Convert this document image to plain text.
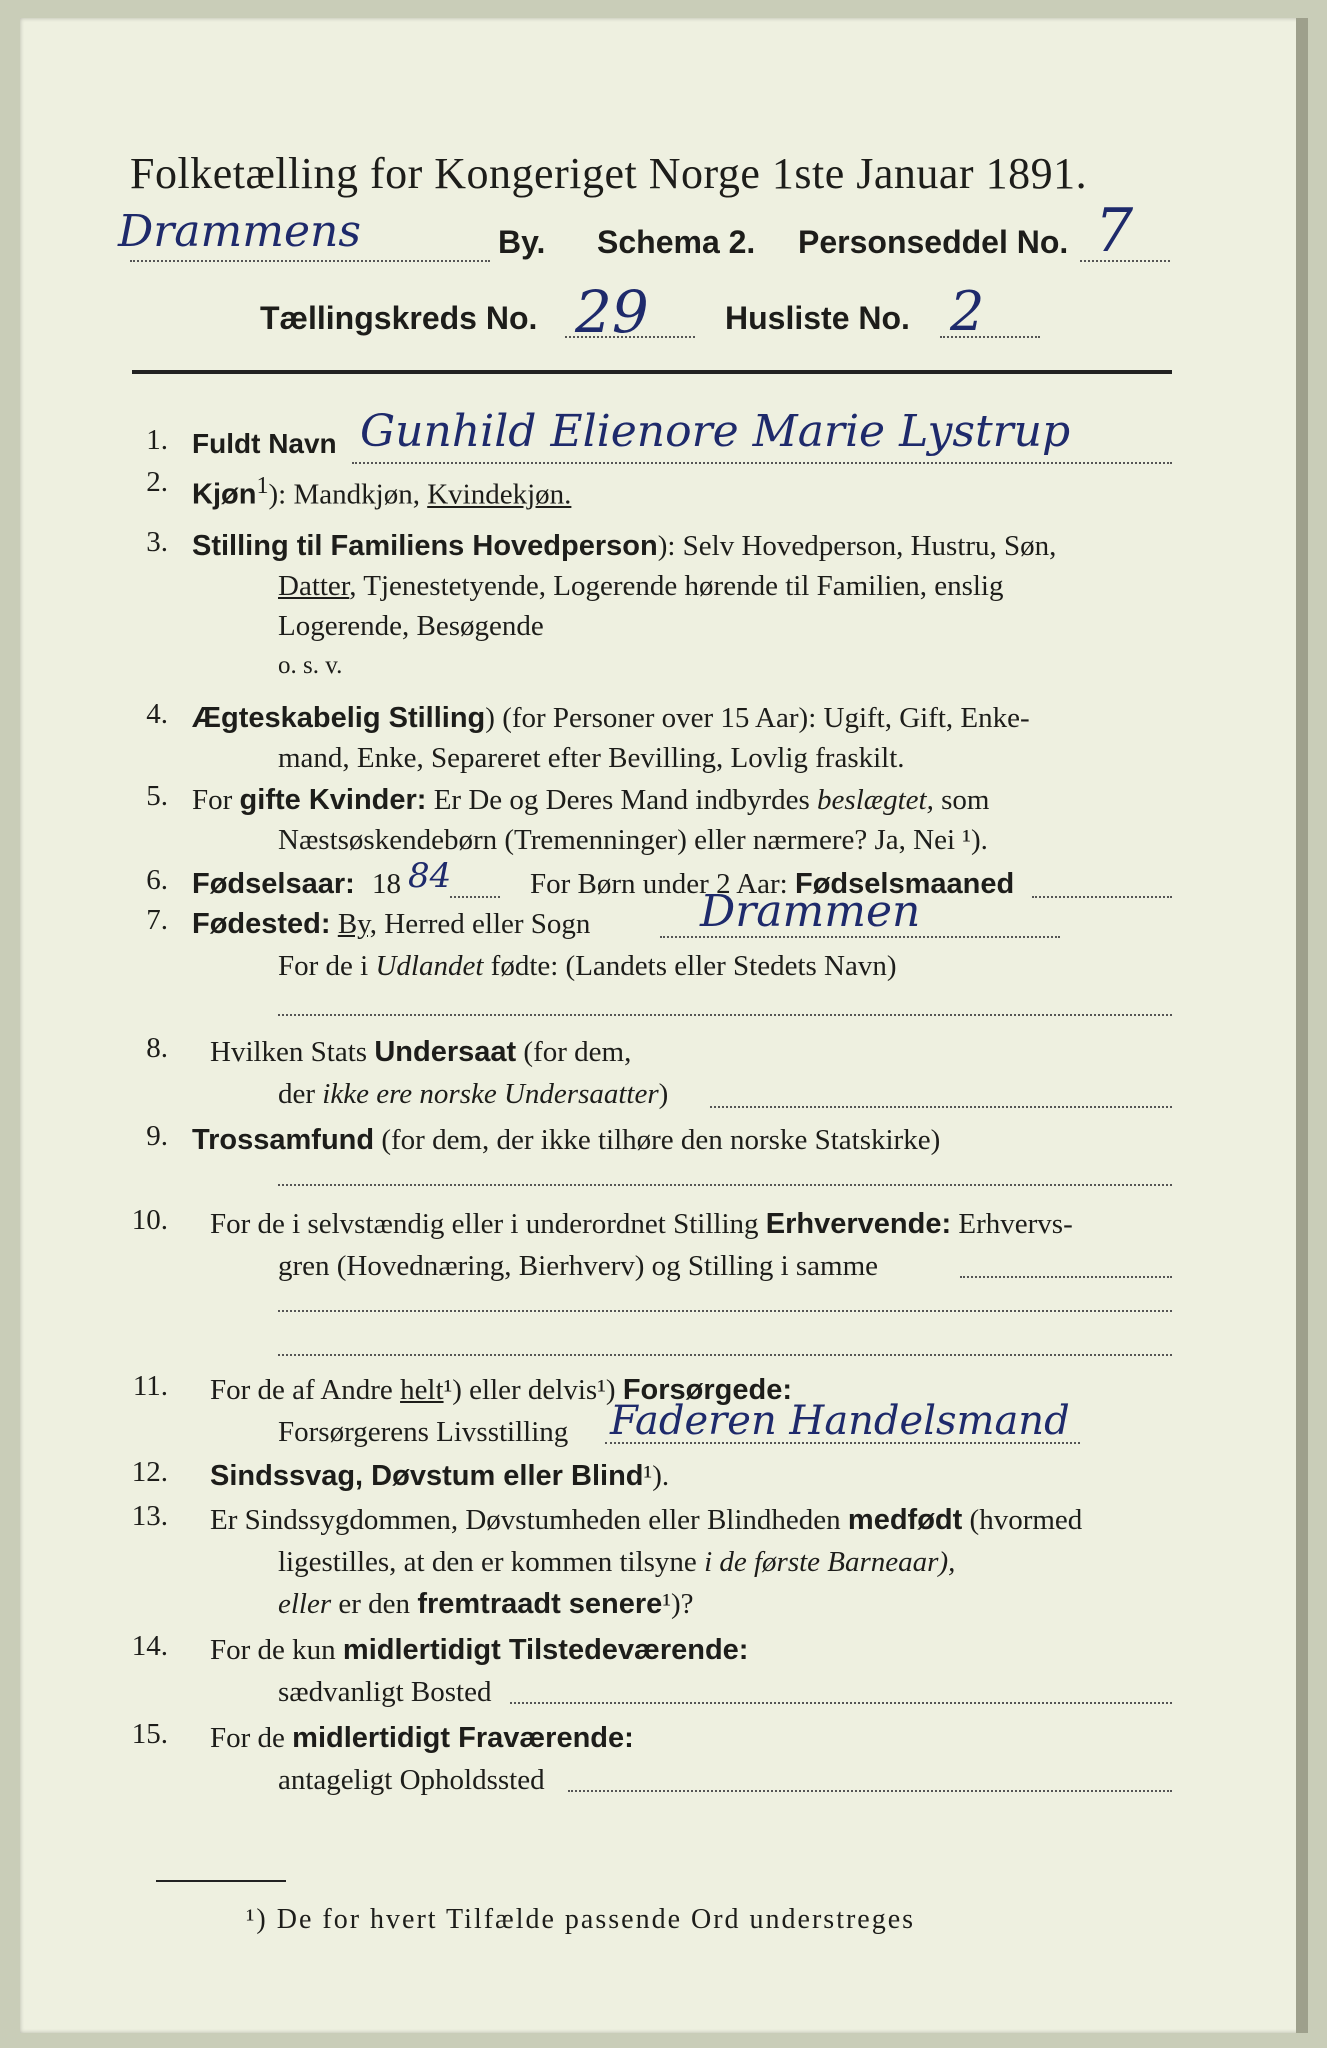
Folketælling for Kongeriget Norge 1ste Januar 1891.
Drammens	By. Schema 2. Personseddel No. 7
Tællingskreds No. 29 Husliste No. 2
1. Fuldt Navn Gunhild Elienore Marie Lystrup
2. Kjøn$^1$): Mandkjøn, Kvindekjøn.
3. Stilling til Familiens Hovedperson): Selv Hovedperson, Hustru, Søn,
Datter, Tjenestetyende, Logerende hørende til Familien, enslig
Logerende, Besøgende
o. s. v.
4. Ægteskabelig Stilling) (for Personer over 15 Aar): Ugift, Gift, Enke-
mand, Enke, Separeret efter Bevilling, Lovlig fraskilt.
5. For gifte Kvinder: Er De og Deres Mand indbyrdes beslægtet, som
Næstsøskendebørn (Tremenninger) eller nærmere? Ja, Nei ¹).
6. Fødselsaar: 18 84	For Børn under 2 Aar: Fødselsmaaned
7. Fødested: By, Herred eller Sogn Drammen
For de i Udlandet fødte: (Landets eller Stedets Navn)
8. Hvilken Stats Undersaat (for dem,
der ikke ere norske Undersaatter)
9. Trossamfund (for dem, der ikke tilhøre den norske Statskirke)
10. For de i selvstændig eller i underordnet Stilling Erhvervende: Erhvervs-
gren (Hovednæring, Bierhverv) og Stilling i samme
11. For de af Andre helt¹) eller delvis¹) Forsørgede:
Forsørgerens Livsstilling Faderen Handelsmand
12. Sindssvag, Døvstum eller Blind¹).
13. Er Sindssygdommen, Døvstumheden eller Blindheden medfødt (hvormed
ligestilles, at den er kommen tilsyne i de første Barneaar),
eller er den fremtraadt senere¹)?
14. For de kun midlertidigt Tilstedeværende:
sædvanligt Bosted
15. For de midlertidigt Fraværende:
antageligt Opholdssted
¹) De for hvert Tilfælde passende Ord understreges
